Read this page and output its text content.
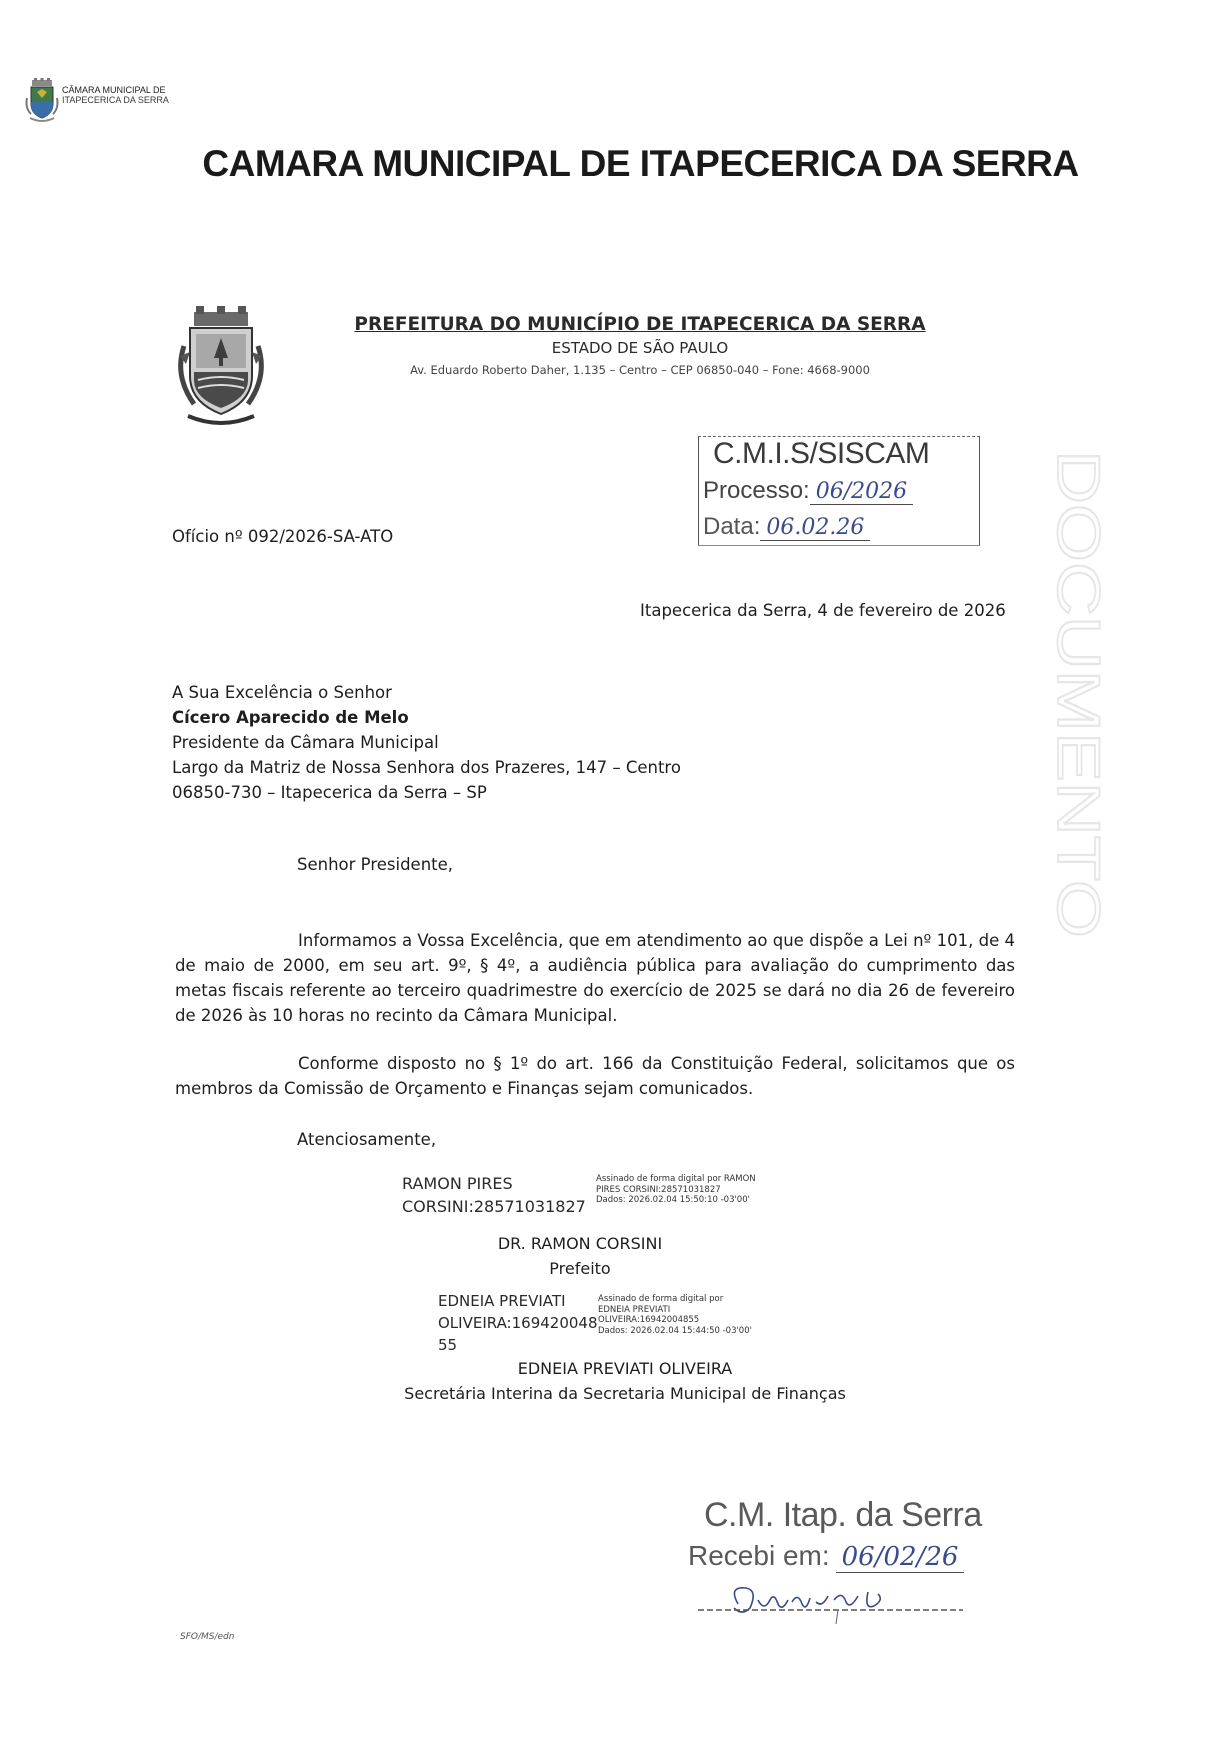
CÂMARA MUNICIPAL DE
ITAPECERICA DA SERRA
CAMARA MUNICIPAL DE ITAPECERICA DA SERRA
PREFEITURA DO MUNICÍPIO DE ITAPECERICA DA SERRA
ESTADO DE SÃO PAULO
Av. Eduardo Roberto Daher, 1.135 – Centro – CEP 06850-040 – Fone: 4668-9000
C.M.I.S/SISCAM
Processo: 06/2026
Data: 06.02.26	DOCUMENTO
Ofício nº 092/2026-SA-ATO
Itapecerica da Serra, 4 de fevereiro de 2026
A Sua Excelência o Senhor
Cícero Aparecido de Melo
Presidente da Câmara Municipal
Largo da Matriz de Nossa Senhora dos Prazeres, 147 – Centro
06850-730 – Itapecerica da Serra – SP
Senhor Presidente,
Informamos a Vossa Excelência, que em atendimento ao que dispõe a Lei nº 101, de 4 de maio de 2000, em seu art. 9º, § 4º, a audiência pública para avaliação do cumprimento das metas fiscais referente ao terceiro quadrimestre do exercício de 2025 se dará no dia 26 de fevereiro de 2026 às 10 horas no recinto da Câmara Municipal.
Conforme disposto no § 1º do art. 166 da Constituição Federal, solicitamos que os membros da Comissão de Orçamento e Finanças sejam comunicados.
Atenciosamente,
RAMON PIRES
CORSINI:28571031827
Assinado de forma digital por RAMON
PIRES CORSINI:28571031827
Dados: 2026.02.04 15:50:10 -03'00'
DR. RAMON CORSINI
Prefeito
EDNEIA PREVIATI
OLIVEIRA:169420048
55
Assinado de forma digital por
EDNEIA PREVIATI
OLIVEIRA:16942004855
Dados: 2026.02.04 15:44:50 -03'00'
EDNEIA PREVIATI OLIVEIRA
Secretária Interina da Secretaria Municipal de Finanças
C.M. Itap. da Serra
Recebi em: 06/02/26
SFO/MS/edn
